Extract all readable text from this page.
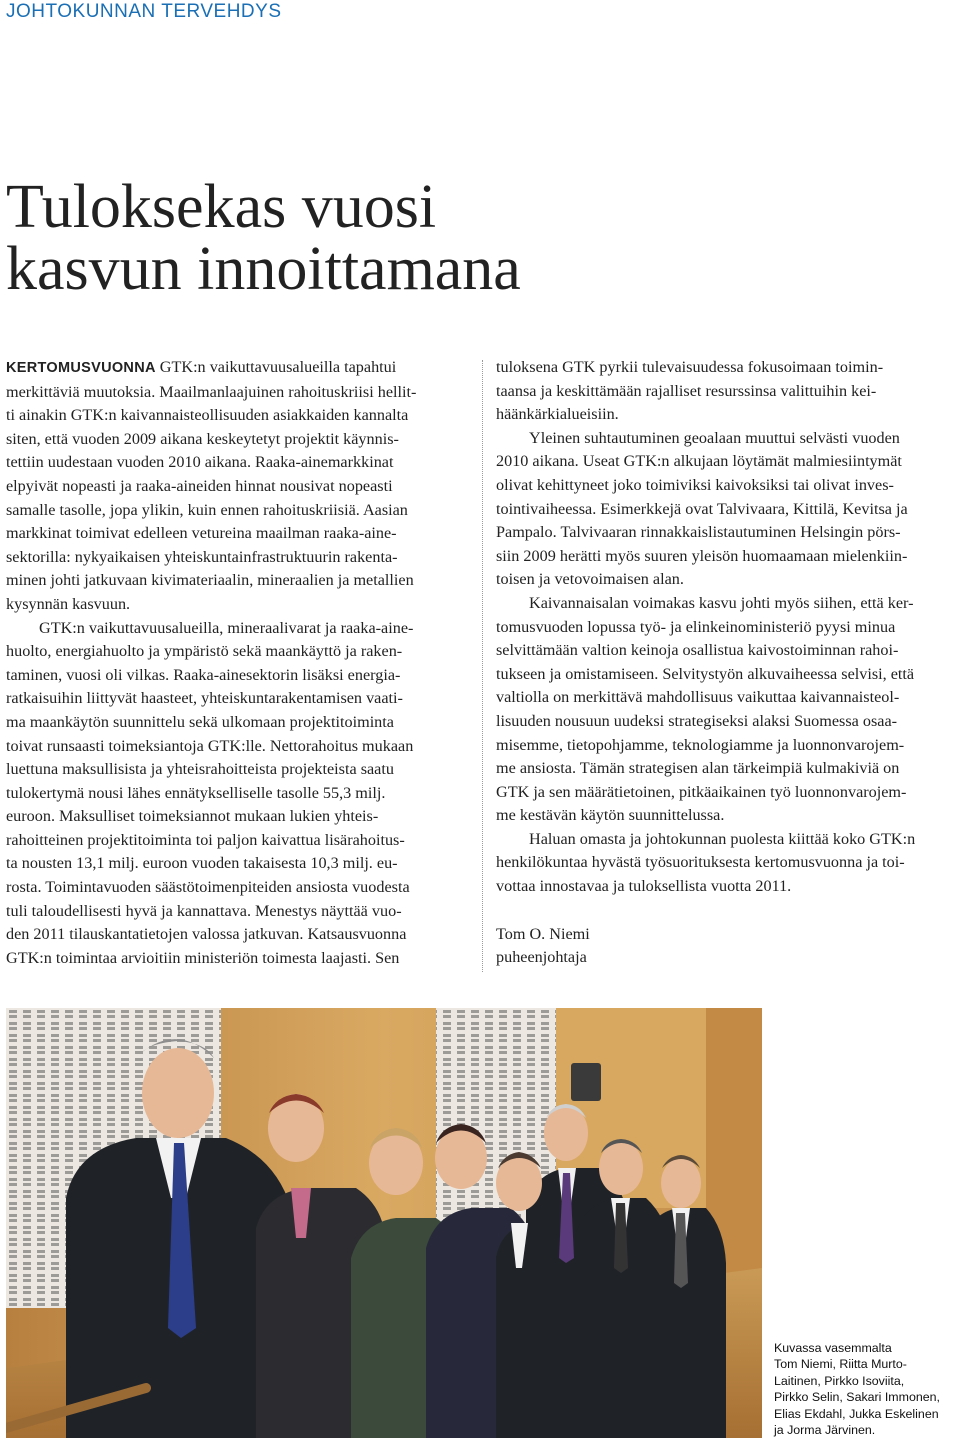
JOHTOKUNNAN TERVEHDYS
Tuloksekas vuosi
kasvun innoittamana

KERTOMUSVUONNA GTK:n vaikuttavuusalueilla tapahtui
merkittäviä muutoksia. Maailmanlaajuinen rahoituskriisi hellit-
ti ainakin GTK:n kaivannaisteollisuuden asiakkaiden kannalta
siten, että vuoden 2009 aikana keskeytetyt projektit käynnis-
tettiin uudestaan vuoden 2010 aikana. Raaka-ainemarkkinat
elpyivät nopeasti ja raaka-aineiden hinnat nousivat nopeasti
samalle tasolle, jopa ylikin, kuin ennen rahoituskriisiä. Aasian
markkinat toimivat edelleen vetureina maailman raaka-aine-
sektorilla: nykyaikaisen yhteiskuntainfrastruktuurin rakenta-
minen johti jatkuvaan kivimateriaalin, mineraalien ja metallien
kysynnän kasvuun.

GTK:n vaikuttavuusalueilla, mineraalivarat ja raaka-aine-
huolto, energiahuolto ja ympäristö sekä maankäyttö ja raken-
taminen, vuosi oli vilkas. Raaka-ainesektorin lisäksi energia-
ratkaisuihin liittyvät haasteet, yhteiskuntarakentamisen vaati-
ma maankäytön suunnittelu sekä ulkomaan projektitoiminta
toivat runsaasti toimeksiantoja GTK:lle. Nettorahoitus mukaan
luettuna maksullisista ja yhteisrahoitteista projekteista saatu
tulokertymä nousi lähes ennätykselliselle tasolle 55,3 milj.
euroon. Maksulliset toimeksiannot mukaan lukien yhteis-
rahoitteinen projektitoiminta toi paljon kaivattua lisärahoitus-
ta nousten 13,1 milj. euroon vuoden takaisesta 10,3 milj. eu-
rosta. Toimintavuoden säästötoimenpiteiden ansiosta vuodesta
tuli taloudellisesti hyvä ja kannattava. Menestys näyttää vuo-
den 2011 tilauskantatietojen valossa jatkuvan. Katsausvuonna
GTK:n toimintaa arvioitiin ministeriön toimesta laajasti. Sen

tuloksena GTK pyrkii tulevaisuudessa fokusoimaan toimin-
taansa ja keskittämään rajalliset resurssinsa valittuihin kei-
häänkärkialueisiin.

Yleinen suhtautuminen geoalaan muuttui selvästi vuoden
2010 aikana. Useat GTK:n alkujaan löytämät malmiesiintymät
olivat kehittyneet joko toimiviksi kaivoksiksi tai olivat inves-
tointivaiheessa. Esimerkkejä ovat Talvivaara, Kittilä, Kevitsa ja
Pampalo. Talvivaaran rinnakkaislistautuminen Helsingin pörs-
siin 2009 herätti myös suuren yleisön huomaamaan mielenkiin-
toisen ja vetovoimaisen alan.

Kaivannaisalan voimakas kasvu johti myös siihen, että ker-
tomusvuoden lopussa työ- ja elinkeinoministeriö pyysi minua
selvittämään valtion keinoja osallistua kaivostoiminnan rahoi-
tukseen ja omistamiseen. Selvitystyön alkuvaiheessa selvisi, että
valtiolla on merkittävä mahdollisuus vaikuttaa kaivannaisteol-
lisuuden nousuun uudeksi strategiseksi alaksi Suomessa osaa-
misemme, tietopohjamme, teknologiamme ja luonnonvarojem-
me ansiosta. Tämän strategisen alan tärkeimpiä kulmakiviä on
GTK ja sen määrätietoinen, pitkäaikainen työ luonnonvarojem-
me kestävän käytön suunnittelussa.

Haluan omasta ja johtokunnan puolesta kiittää koko GTK:n
henkilökuntaa hyvästä työsuorituksesta kertomusvuonna ja toi-
vottaa innostavaa ja tuloksellista vuotta 2011.

Tom O. Niemi
puheenjohtaja
Kuvassa vasemmalta
Tom Niemi, Riitta Murto-
Laitinen, Pirkko Isoviita,
Pirkko Selin, Sakari Immonen,
Elias Ekdahl, Jukka Eskelinen
ja Jorma Järvinen.
